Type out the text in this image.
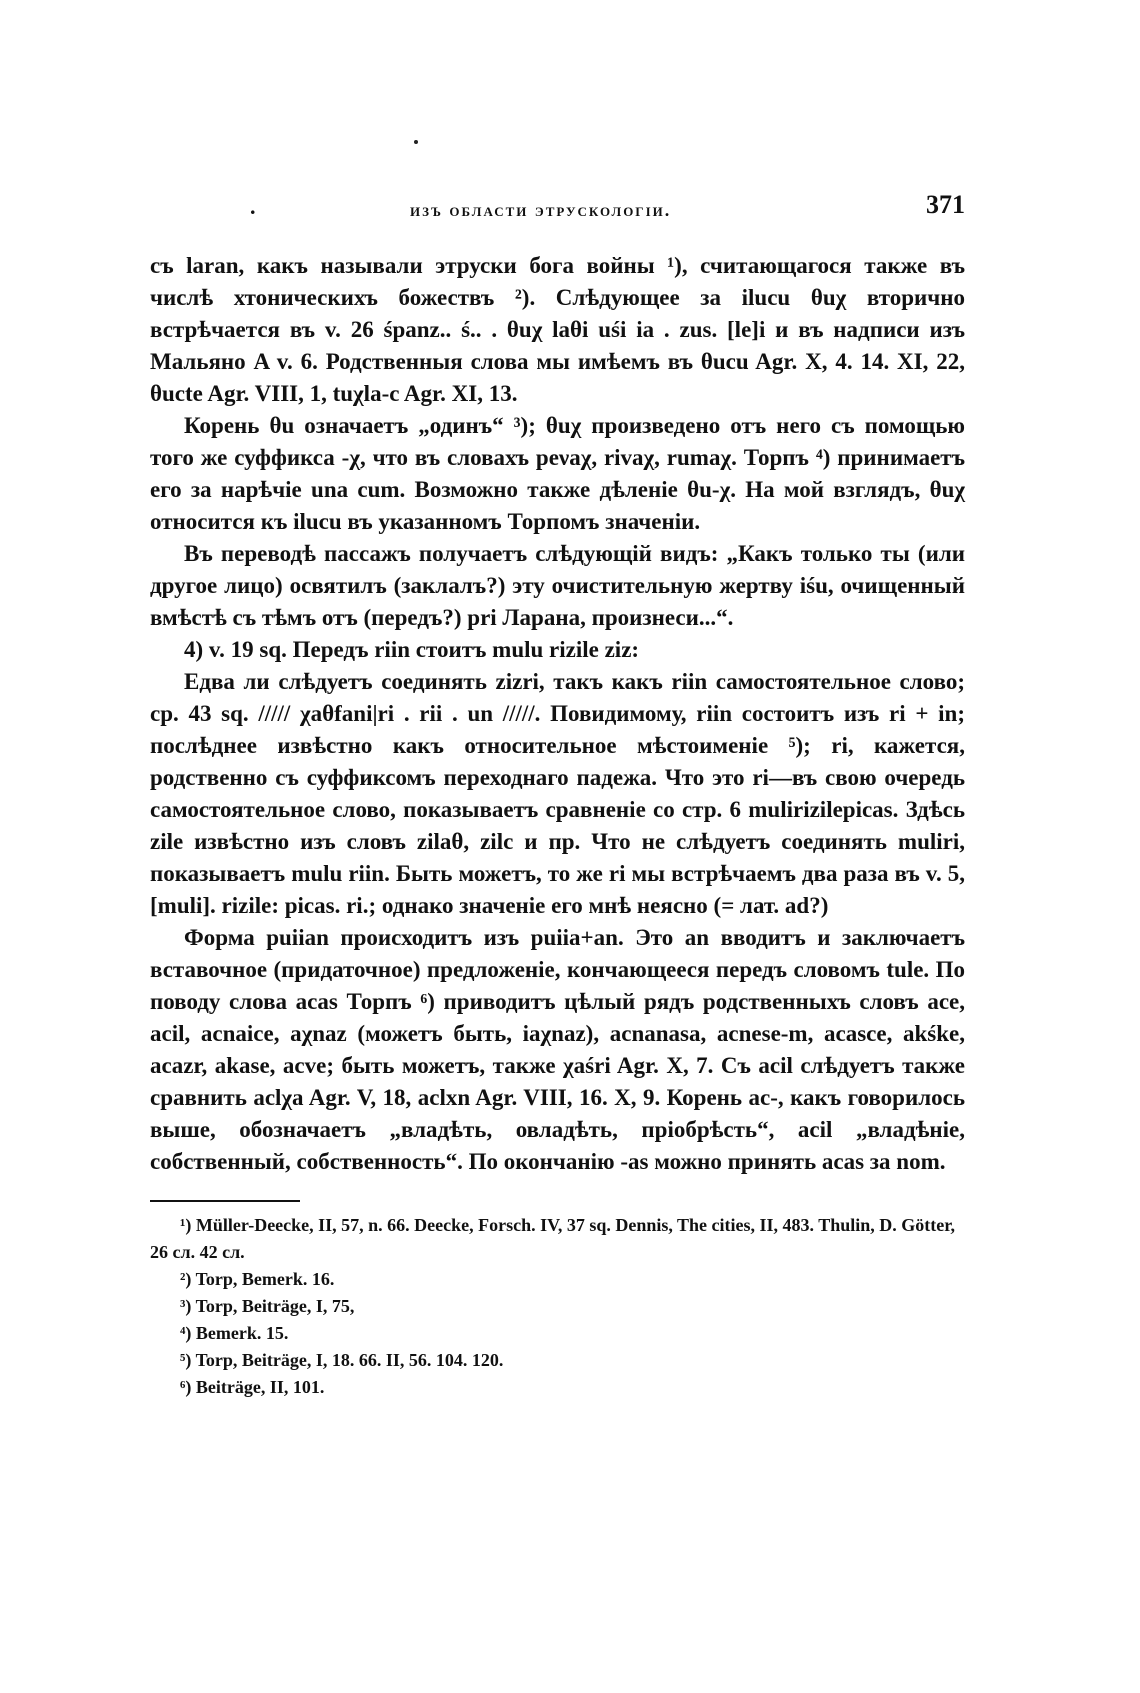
.	изъ области этрускологіи.	371

съ laran, какъ называли этруски бога войны ¹), считающагося также въ числѣ хтоническихъ божествъ ²). Слѣдующее за ilucu θuχ вторично встрѣчается въ v. 26 śpanz.. ś.. . θuχ laθi uśi ia . zus. [le]i и въ надписи изъ Мальяно A v. 6. Родственныя слова мы имѣемъ въ θucu Agr. X, 4. 14. XI, 22, θucte Agr. VIII, 1, tuχla-c Agr. XI, 13.

Корень θu означаетъ „одинъ“ ³); θuχ произведено отъ него съ помощью того же суффикса -χ, что въ словахъ peνaχ, rivaχ, rumaχ. Торпъ ⁴) принимаетъ его за нарѣчіе una cum. Возможно также дѣленіе θu-χ. На мой взглядъ, θuχ относится къ ilucu въ указанномъ Торпомъ значеніи.

Въ переводѣ пассажъ получаетъ слѣдующій видъ: „Какъ только ты (или другое лицо) освятилъ (заклалъ?) эту очистительную жертву iśu, очищенный вмѣстѣ съ тѣмъ отъ (передъ?) pri Ларана, произнеси...“.

4) v. 19 sq. Передъ riin стоитъ mulu rizile ziz:

Едва ли слѣдуетъ соединять zizri, такъ какъ riin самостоятельное слово; ср. 43 sq. ///// χaθfani|ri . rii . un /////. Повидимому, riin состоитъ изъ ri + in; послѣднее извѣстно какъ относительное мѣстоименіе ⁵); ri, кажется, родственно съ суффиксомъ переходнаго падежа. Что это ri—въ свою очередь самостоятельное слово, показываетъ сравненіе со стр. 6 mulirizilepicas. Здѣсь zile извѣстно изъ словъ zilaθ, zilc и пр. Что не слѣдуетъ соединять muliri, показываетъ mulu riin. Быть можетъ, то же ri мы встрѣчаемъ два раза въ v. 5, [muli]. rizile: picas. ri.; однако значеніе его мнѣ неясно (= лат. ad?)

Форма puiian происходитъ изъ puiia+an. Это an вводитъ и заключаетъ вставочное (придаточное) предложеніе, кончающееся передъ словомъ tule. По поводу слова acas Торпъ ⁶) приводитъ цѣлый рядъ родственныхъ словъ ace, acil, acnaice, aχnaz (можетъ быть, iaχnaz), acnanasa, acnese-m, acasce, akśke, acazr, akase, acve; быть можетъ, также χaśri Agr. X, 7. Съ acil слѣдуетъ также сравнить aclχa Agr. V, 18, aclxn Agr. VIII, 16. X, 9. Корень ac-, какъ говорилось выше, обозначаетъ „владѣть, овладѣть, пріобрѣсть“, acil „владѣніе, собственный, собственность“. По окончанію -as можно принять acas за nom.

¹) Müller-Deecke, II, 57, n. 66. Deecke, Forsch. IV, 37 sq. Dennis, The cities, II, 483. Thulin, D. Götter, 26 сл. 42 сл.

²) Torp, Bemerk. 16.

³) Torp, Beiträge, I, 75,

⁴) Bemerk. 15.

⁵) Torp, Beiträge, I, 18. 66. II, 56. 104. 120.

⁶) Beiträge, II, 101.
